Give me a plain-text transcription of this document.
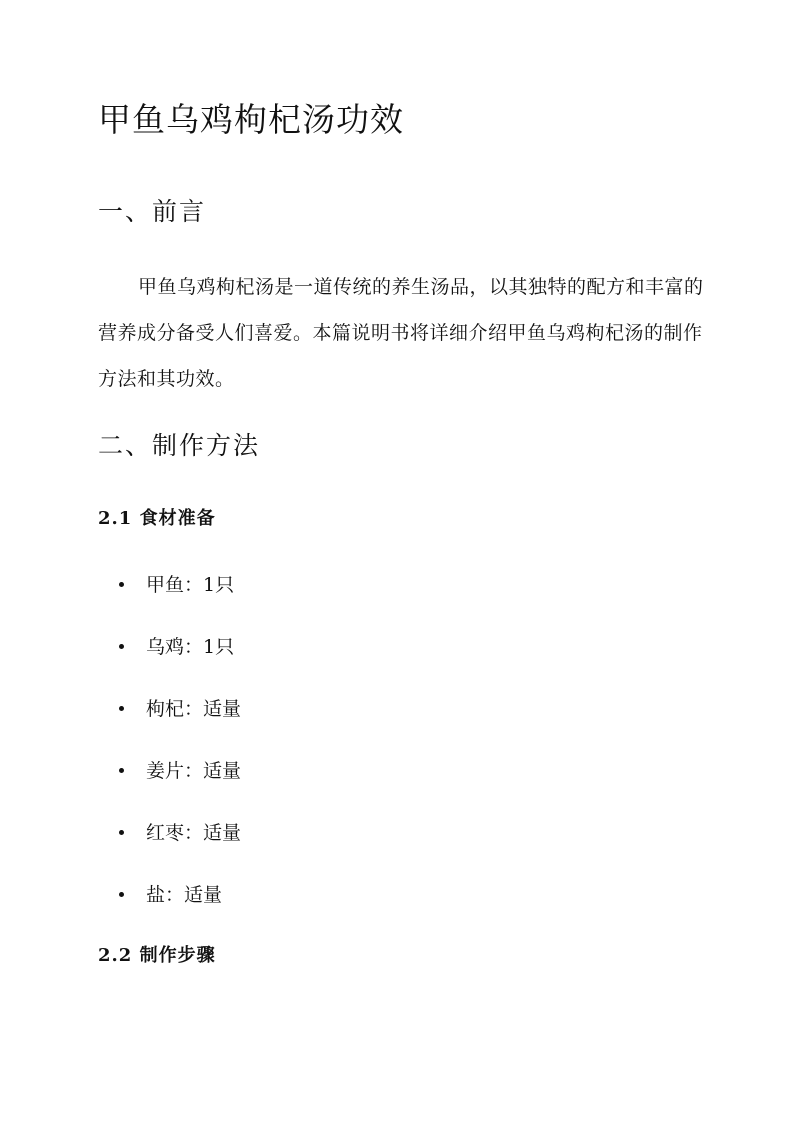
甲鱼乌鸡枸杞汤功效
一、前言

甲鱼乌鸡枸杞汤是一道传统的养生汤品，以其独特的配方和丰富的营养成分备受人们喜爱。本篇说明书将详细介绍甲鱼乌鸡枸杞汤的制作方法和其功效。

二、制作方法
2.1 食材准备
甲鱼：1只
乌鸡：1只
枸杞：适量
姜片：适量
红枣：适量
盐：适量
2.2 制作步骤
